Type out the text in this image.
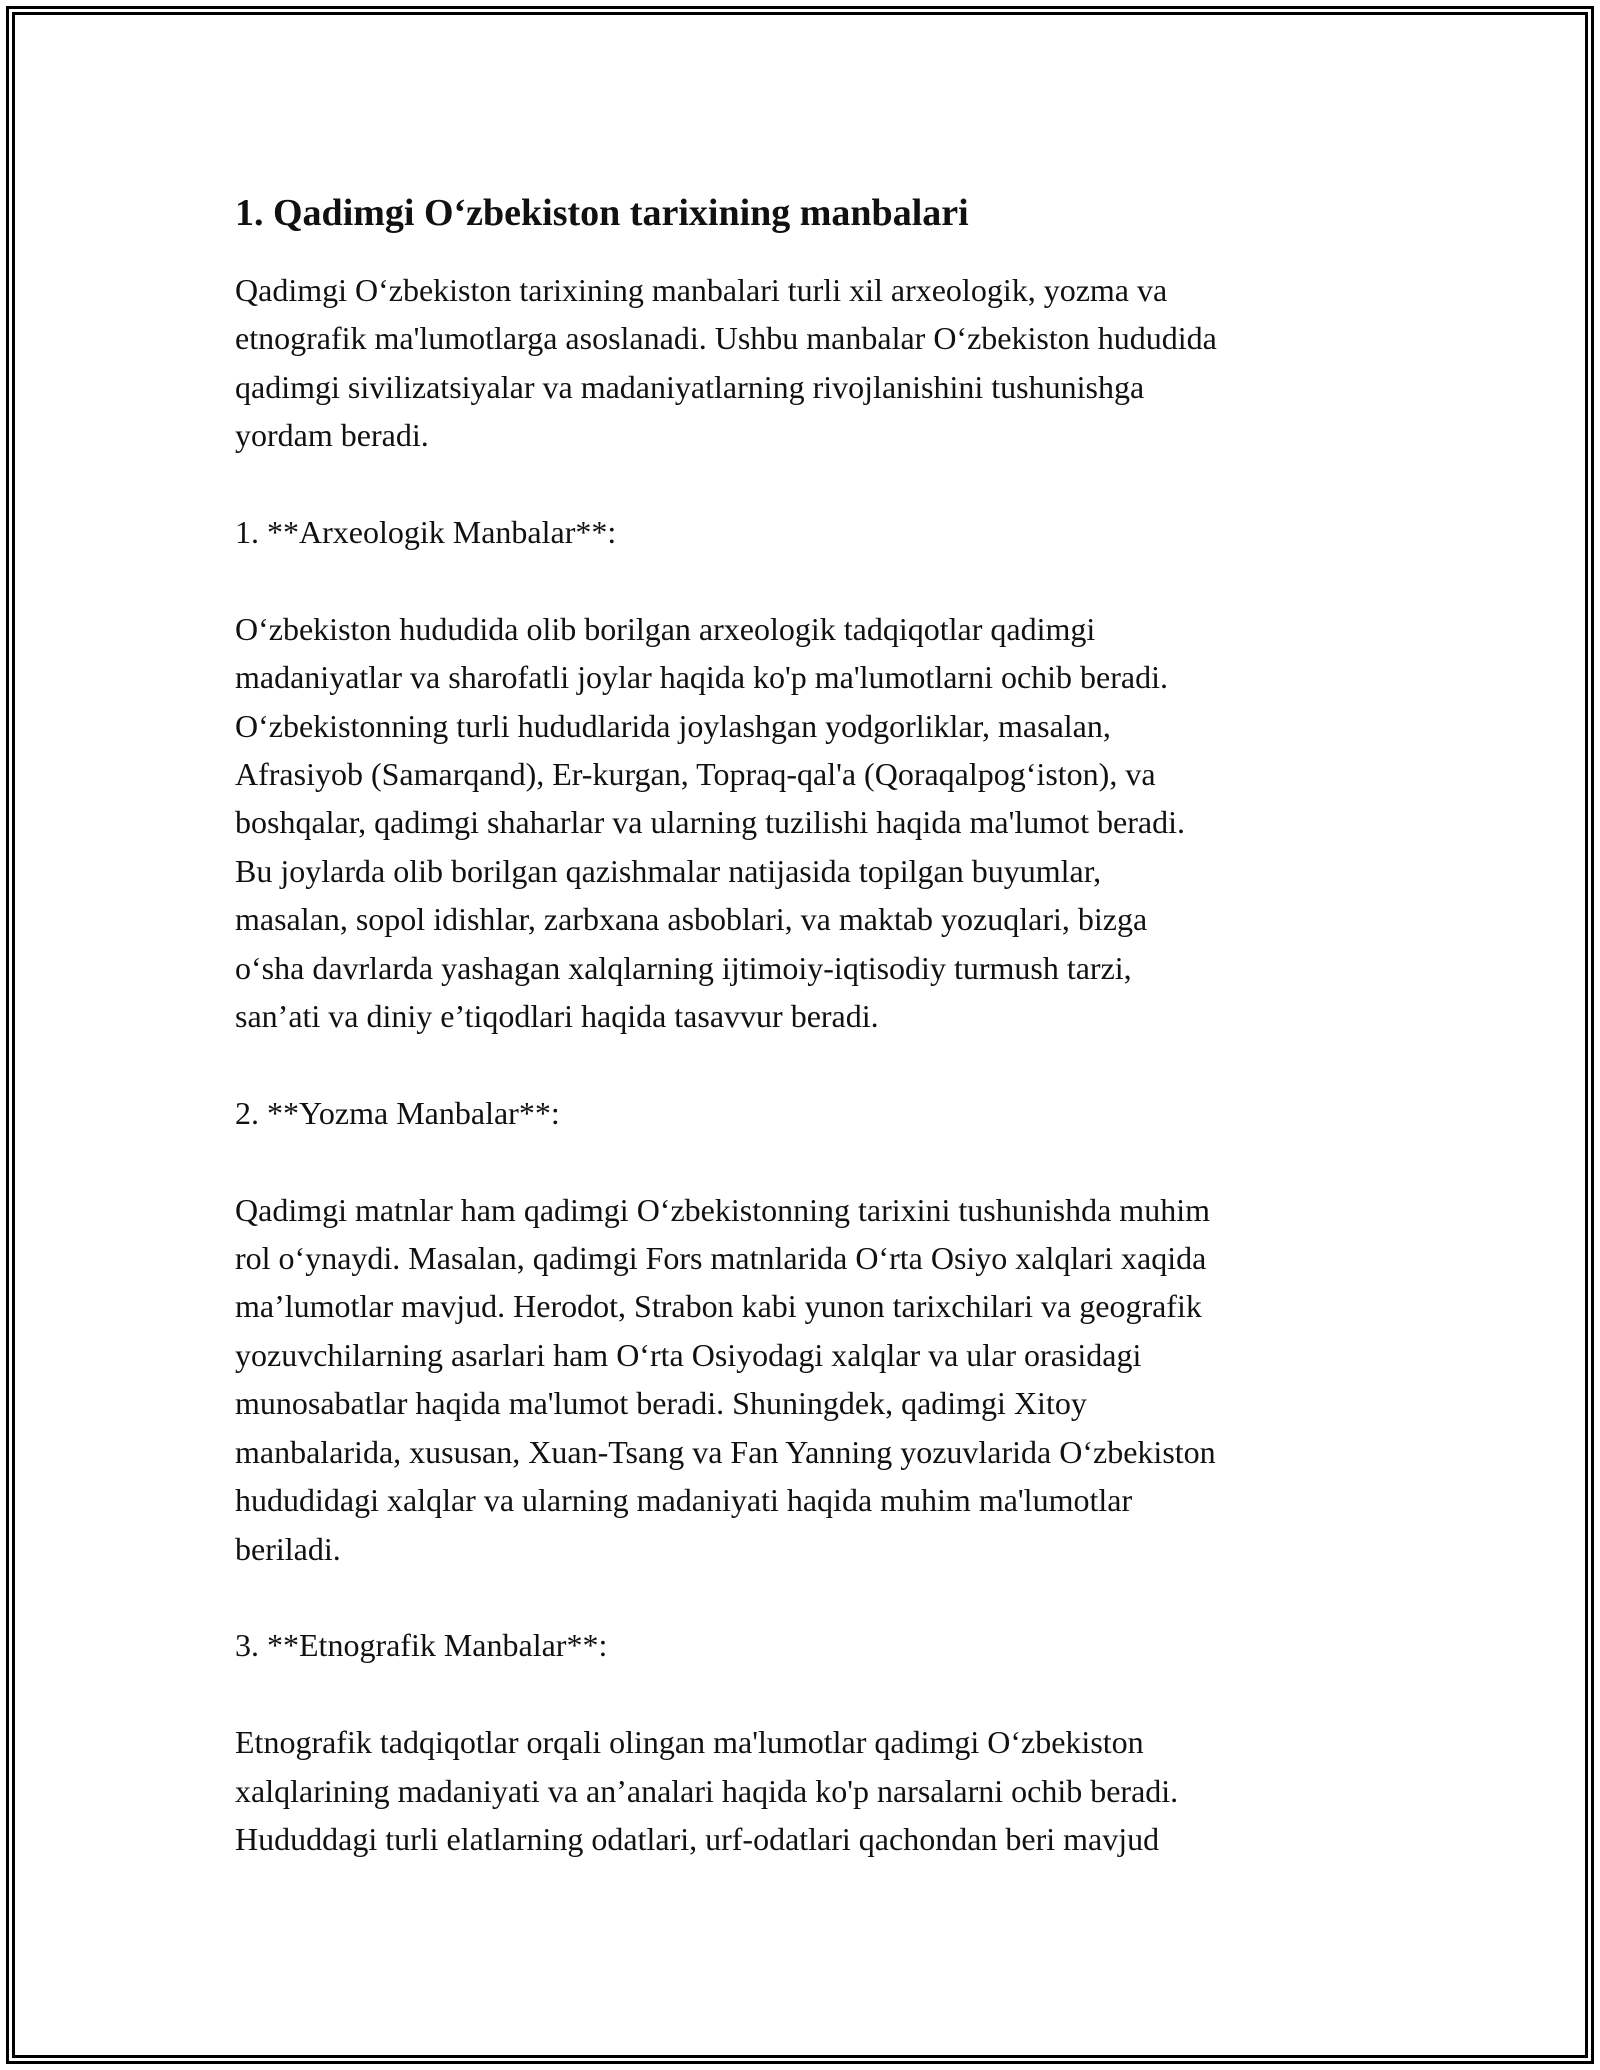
1. Qadimgi O‘zbekiston tarixining manbalari
Qadimgi O‘zbekiston tarixining manbalari turli xil arxeologik, yozma va
etnografik ma'lumotlarga asoslanadi. Ushbu manbalar O‘zbekiston hududida
qadimgi sivilizatsiyalar va madaniyatlarning rivojlanishini tushunishga
yordam beradi.
1. **Arxeologik Manbalar**:
O‘zbekiston hududida olib borilgan arxeologik tadqiqotlar qadimgi
madaniyatlar va sharofatli joylar haqida ko'p ma'lumotlarni ochib beradi.
O‘zbekistonning turli hududlarida joylashgan yodgorliklar, masalan,
Afrasiyob (Samarqand), Er-kurgan, Topraq-qal'a (Qoraqalpog‘iston), va
boshqalar, qadimgi shaharlar va ularning tuzilishi haqida ma'lumot beradi.
Bu joylarda olib borilgan qazishmalar natijasida topilgan buyumlar,
masalan, sopol idishlar, zarbxana asboblari, va maktab yozuqlari, bizga
o‘sha davrlarda yashagan xalqlarning ijtimoiy-iqtisodiy turmush tarzi,
san’ati va diniy e’tiqodlari haqida tasavvur beradi.
2. **Yozma Manbalar**:
Qadimgi matnlar ham qadimgi O‘zbekistonning tarixini tushunishda muhim
rol o‘ynaydi. Masalan, qadimgi Fors matnlarida O‘rta Osiyo xalqlari xaqida
ma’lumotlar mavjud. Herodot, Strabon kabi yunon tarixchilari va geografik
yozuvchilarning asarlari ham O‘rta Osiyodagi xalqlar va ular orasidagi
munosabatlar haqida ma'lumot beradi. Shuningdek, qadimgi Xitoy
manbalarida, xususan, Xuan-Tsang va Fan Yanning yozuvlarida O‘zbekiston
hududidagi xalqlar va ularning madaniyati haqida muhim ma'lumotlar
beriladi.
3. **Etnografik Manbalar**:
Etnografik tadqiqotlar orqali olingan ma'lumotlar qadimgi O‘zbekiston
xalqlarining madaniyati va an’analari haqida ko'p narsalarni ochib beradi.
Hududdagi turli elatlarning odatlari, urf-odatlari qachondan beri mavjud
